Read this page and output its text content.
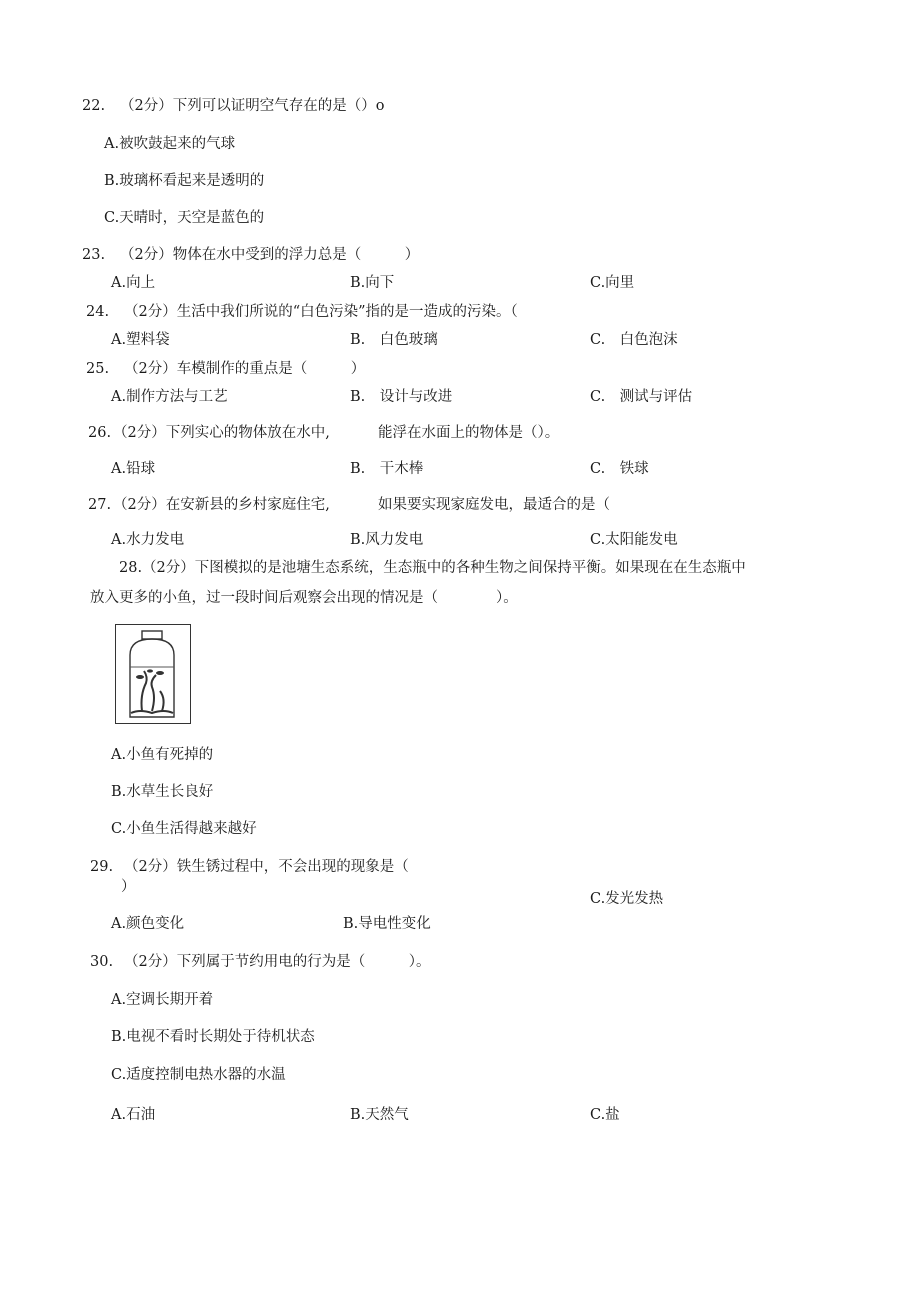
22. （2分）下列可以证明空气存在的是（）o
A.被吹鼓起来的气球
B.玻璃杯看起来是透明的
C.天晴时，天空是蓝色的
23. （2分）物体在水中受到的浮力总是（　　　）
A.向上	B.向下	C.向里
24. （2分）生活中我们所说的“白色污染”指的是一造成的污染。（
A.塑料袋	B.　白色玻璃	C.　白色泡沫
25. （2分）车模制作的重点是（　　　）
A.制作方法与工艺	B.　设计与改进	C.　测试与评估
26. （2分）下列实心的物体放在水中,	能浮在水面上的物体是（）。
A.铅球	B.　干木棒	C.　铁球
27. （2分）在安新县的乡村家庭住宅,	如果要实现家庭发电，最适合的是（
A.水力发电	B.风力发电	C.太阳能发电
28.（2分）下图模拟的是池塘生态系统，生态瓶中的各种生物之间保持平衡。如果现在在生态瓶中
放入更多的小鱼，过一段时间后观察会出现的情况是（　　　　）。
A.小鱼有死掉的
B.水草生长良好
C.小鱼生活得越来越好
29. （2分）铁生锈过程中，不会出现的现象是（
）
C.发光发热
A.颜色变化	B.导电性变化
30. （2分）下列属于节约用电的行为是（　　　）。
A.空调长期开着
B.电视不看时长期处于待机状态
C.适度控制电热水器的水温
A.石油	B.天然气	C.盐
